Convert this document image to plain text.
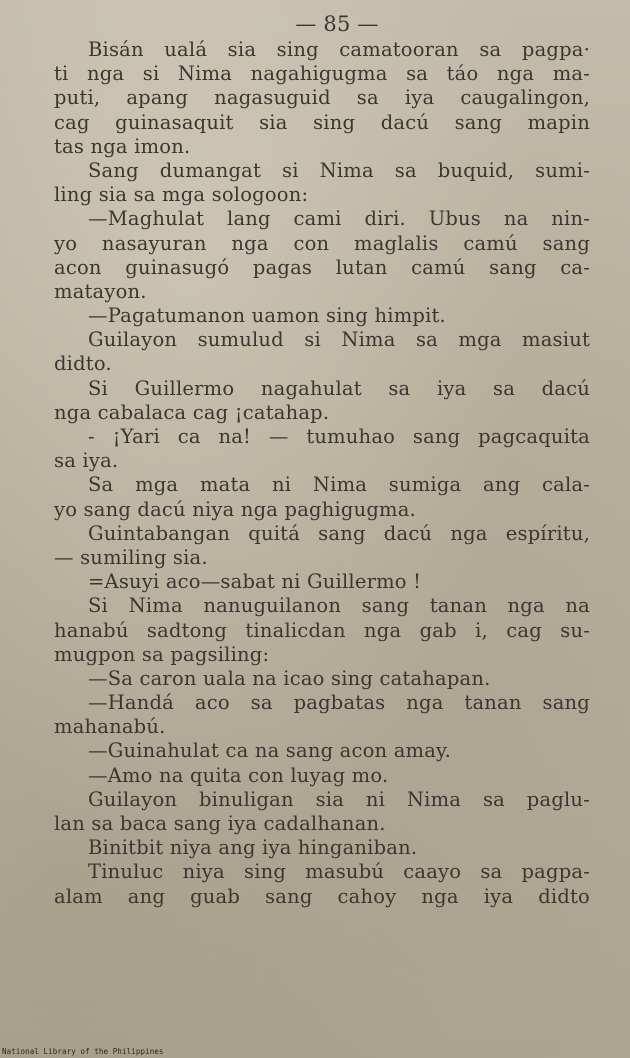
— 85 —
Bisán ualá sia sing camatooran sa pagpa·
ti nga si Nima nagahigugma sa táo nga ma-
puti, apang nagasuguid sa iya caugalingon,
cag guinasaquit sia sing dacú sang mapin
tas nga imon.
Sang dumangat si Nima sa buquid, sumi-
ling sia sa mga sologoon:
—Maghulat lang cami diri. Ubus na nin-
yo nasayuran nga con maglalis camú sang
acon guinasugó pagas lutan camú sang ca-
matayon.
—Pagatumanon uamon sing himpit.
Guilayon sumulud si Nima sa mga masiut
didto.
Si Guillermo nagahulat sa iya sa dacú
nga cabalaca cag ¡catahap.
- ¡Yari ca na! — tumuhao sang pagcaquita
sa iya.
Sa mga mata ni Nima sumiga ang cala-
yo sang dacú niya nga paghigugma.
Guintabangan quitá sang dacú nga espíritu,
— sumiling sia.
=Asuyi aco—sabat ni Guillermo !
Si Nima nanuguilanon sang tanan nga na
hanabú sadtong tinalicdan nga gab i, cag su-
mugpon sa pagsiling:
—Sa caron uala na icao sing catahapan.
—Handá aco sa pagbatas nga tanan sang
mahanabú.
—Guinahulat ca na sang acon amay.
—Amo na quita con luyag mo.
Guilayon binuligan sia ni Nima sa paglu-
lan sa baca sang iya cadalhanan.
Binitbit niya ang iya hinganiban.
Tinuluc niya sing masubú caayo sa pagpa-
alam ang guab sang cahoy nga iya didto
National Library of the Philippines
